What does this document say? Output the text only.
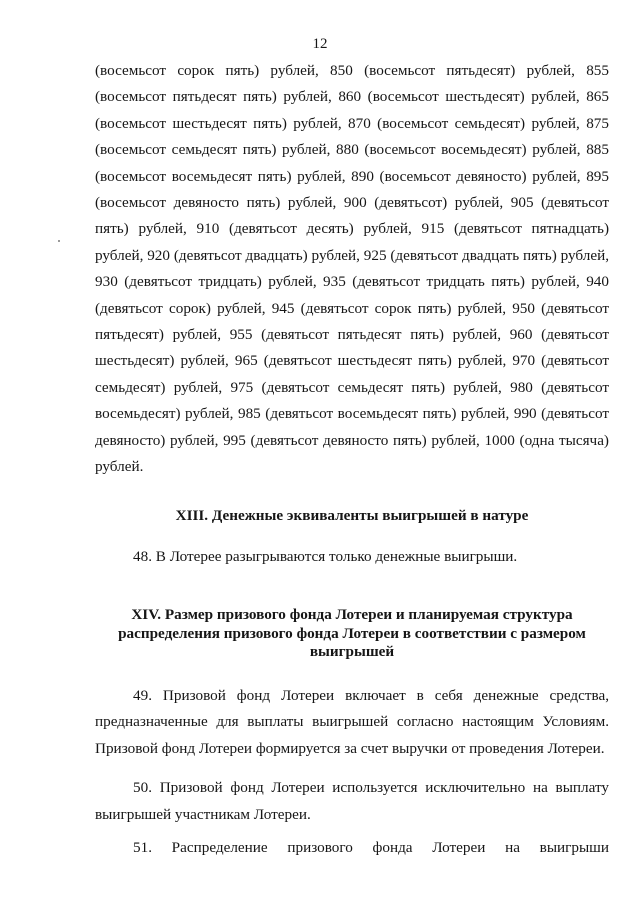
12

(восемьсот сорок пять) рублей, 850 (восемьсот пятьдесят) рублей, 855 (восемьсот пятьдесят пять) рублей, 860 (восемьсот шестьдесят) рублей, 865 (восемьсот шестьдесят пять) рублей, 870 (восемьсот семьдесят) рублей, 875 (восемьсот семьдесят пять) рублей, 880 (восемьсот восемьдесят) рублей, 885 (восемьсот восемьдесят пять) рублей, 890 (восемьсот девяносто) рублей, 895 (восемьсот девяносто пять) рублей, 900 (девятьсот) рублей, 905 (девятьсот пять) рублей, 910 (девятьсот десять) рублей, 915 (девятьсот пятнадцать) рублей, 920 (девятьсот двадцать) рублей, 925 (девятьсот двадцать пять) рублей, 930 (девятьсот тридцать) рублей, 935 (девятьсот тридцать пять) рублей, 940 (девятьсот сорок) рублей, 945 (девятьсот сорок пять) рублей, 950 (девятьсот пятьдесят) рублей, 955 (девятьсот пятьдесят пять) рублей, 960 (девятьсот шестьдесят) рублей, 965 (девятьсот шестьдесят пять) рублей, 970 (девятьсот семьдесят) рублей, 975 (девятьсот семьдесят пять) рублей, 980 (девятьсот восемьдесят) рублей, 985 (девятьсот восемьдесят пять) рублей, 990 (девятьсот девяносто) рублей, 995 (девятьсот девяносто пять) рублей, 1000 (одна тысяча) рублей.

XIII. Денежные эквиваленты выигрышей в натуре

48. В Лотерее разыгрываются только денежные выигрыши.

XIV. Размер призового фонда Лотереи и планируемая структура
распределения призового фонда Лотереи в соответствии с размером
выигрышей

49. Призовой фонд Лотереи включает в себя денежные средства, предназначенные для выплаты выигрышей согласно настоящим Условиям. Призовой фонд Лотереи формируется за счет выручки от проведения Лотереи.

50. Призовой фонд Лотереи используется исключительно на выплату выигрышей участникам Лотереи.

51. Распределение призового фонда Лотереи на выигрыши
